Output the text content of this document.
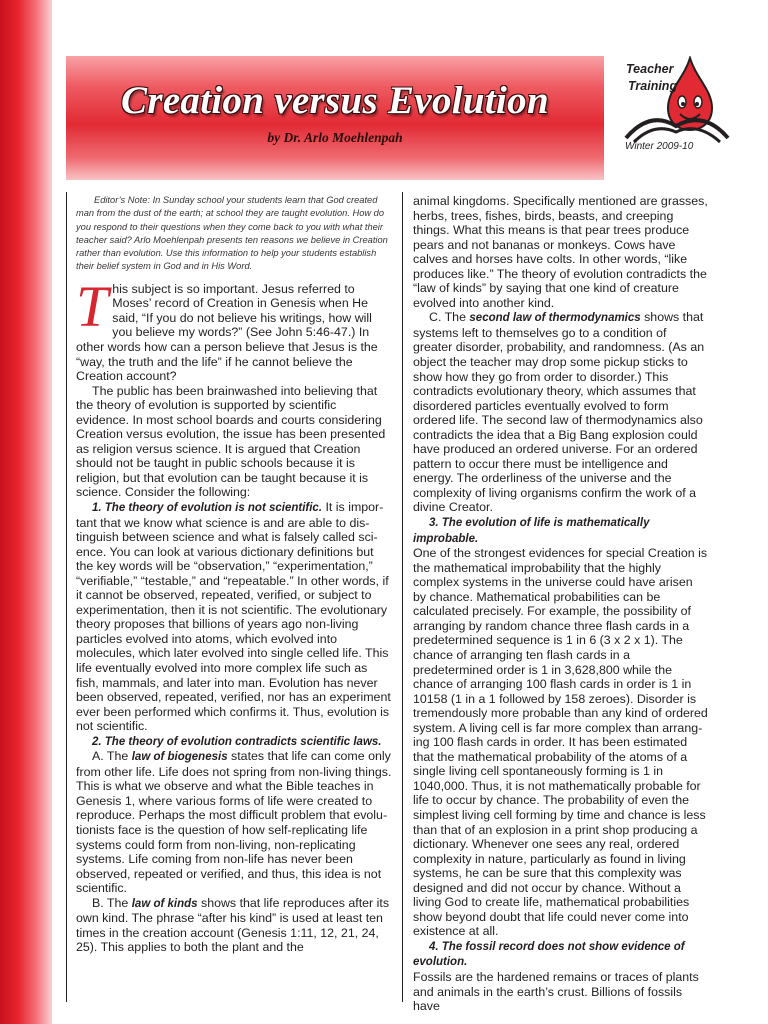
Creation versus Evolution
by Dr. Arlo Moehlenpah
Teacher
Training
Winter 2009-10

Editor’s Note: In Sunday school your students learn that God created man from the dust of the earth; at school they are taught evolution. How do you respond to their questions when they come back to you with what their teacher said? Arlo Moehlenpah presents ten reasons we believe in Creation rather than evolution. Use this information to help your students establish their belief system in God and in His Word.

This subject is so important. Jesus referred to Moses’ record of Creation in Genesis when He said, “If you do not believe his writings, how will you believe my words?” (See John 5:46-47.) In other words how can a person believe that Jesus is the “way, the truth and the life” if he cannot believe the Creation account?

The public has been brainwashed into believing that the theory of evolution is supported by scientific evidence. In most school boards and courts considering Creation versus evolution, the issue has been presented as religion versus science. It is argued that Creation should not be taught in public schools because it is religion, but that evolution can be taught because it is science. Consider the following:

1. The theory of evolution is not scientific. It is important that we know what science is and are able to distinguish between science and what is falsely called science. You can look at various dictionary definitions but the key words will be “observation,” “experimentation,” “verifiable,” “testable,” and “repeatable.” In other words, if it cannot be observed, repeated, verified, or subject to experimentation, then it is not scientific. The evolutionary theory proposes that billions of years ago non-living particles evolved into atoms, which evolved into molecules, which later evolved into single celled life. This life eventually evolved into more complex life such as fish, mammals, and later into man. Evolution has never been observed, repeated, verified, nor has an experiment ever been performed which confirms it. Thus, evolution is not scientific.

2. The theory of evolution contradicts scientific laws.

A. The law of biogenesis states that life can come only from other life. Life does not spring from non-living things. This is what we observe and what the Bible teaches in Genesis 1, where various forms of life were created to reproduce. Perhaps the most difficult problem that evolutionists face is the question of how self-replicating life systems could form from non-living, non-replicating systems. Life coming from non-life has never been observed, repeated or verified, and thus, this idea is not scientific.

B. The law of kinds shows that life reproduces after its own kind. The phrase “after his kind” is used at least ten times in the creation account (Genesis 1:11, 12, 21, 24, 25). This applies to both the plant and the

animal kingdoms. Specifically mentioned are grasses, herbs, trees, fishes, birds, beasts, and creeping things. What this means is that pear trees produce pears and not bananas or monkeys. Cows have calves and horses have colts. In other words, “like produces like.” The theory of evolution contradicts the “law of kinds” by saying that one kind of creature evolved into another kind.

C. The second law of thermodynamics shows that systems left to themselves go to a condition of greater disorder, probability, and randomness. (As an object the teacher may drop some pickup sticks to show how they go from order to disorder.) This contradicts evolutionary theory, which assumes that disordered particles eventually evolved to form ordered life. The second law of thermodynamics also contradicts the idea that a Big Bang explosion could have produced an ordered universe. For an ordered pattern to occur there must be intelligence and energy. The orderliness of the universe and the complexity of living organisms confirm the work of a divine Creator.

3. The evolution of life is mathematically improbable.

One of the strongest evidences for special Creation is the mathematical improbability that the highly complex systems in the universe could have arisen by chance. Mathematical probabilities can be calculated precisely. For example, the possibility of arranging by random chance three flash cards in a predetermined sequence is 1 in 6 (3 x 2 x 1). The chance of arranging ten flash cards in a predetermined order is 1 in 3,628,800 while the chance of arranging 100 flash cards in order is 1 in 10158 (1 in a 1 followed by 158 zeroes). Disorder is tremendously more probable than any kind of ordered system. A living cell is far more complex than arranging 100 flash cards in order. It has been estimated that the mathematical probability of the atoms of a single living cell spontaneously forming is 1 in 1040,000. Thus, it is not mathematically probable for life to occur by chance. The probability of even the simplest living cell forming by time and chance is less than that of an explosion in a print shop producing a dictionary. Whenever one sees any real, ordered complexity in nature, particularly as found in living systems, he can be sure that this complexity was designed and did not occur by chance. Without a living God to create life, mathematical probabilities show beyond doubt that life could never come into existence at all.

4. The fossil record does not show evidence of evolution.

Fossils are the hardened remains or traces of plants and animals in the earth’s crust. Billions of fossils have
